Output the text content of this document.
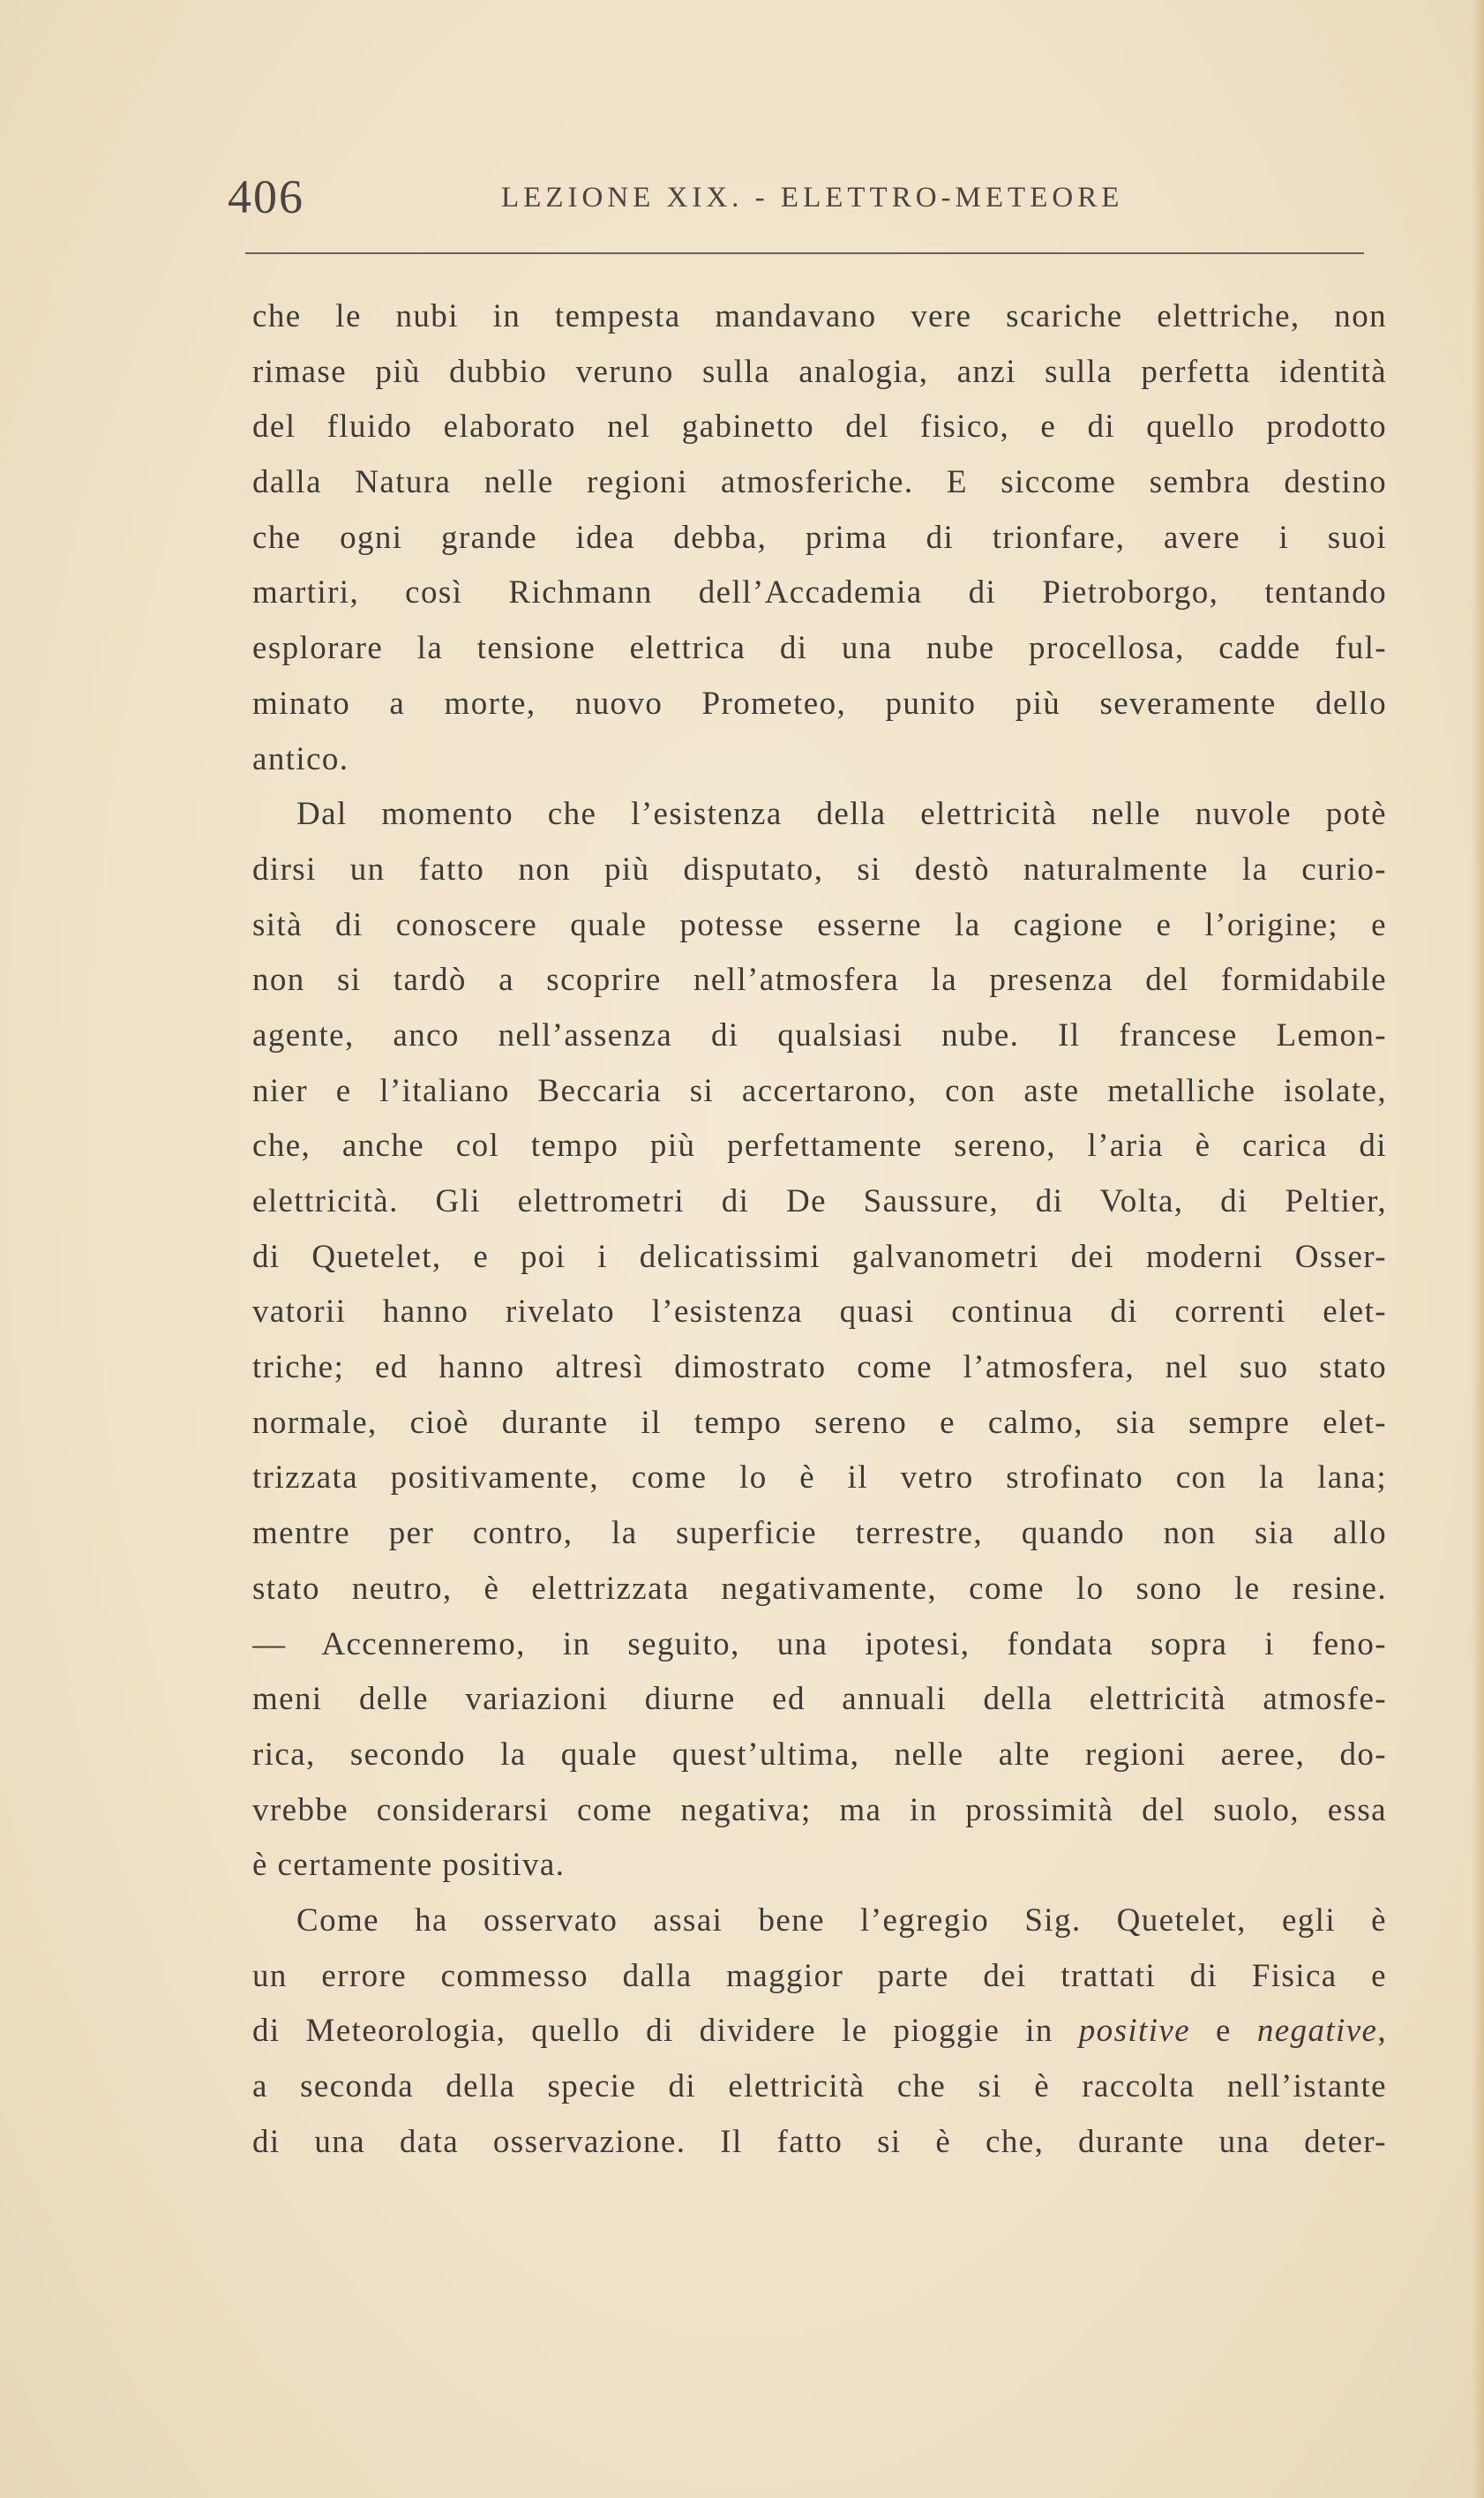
406	LEZIONE XIX. - ELETTRO-METEORE
che le nubi in tempesta mandavano vere scariche elettriche, non
rimase più dubbio veruno sulla analogia, anzi sulla perfetta identità
del fluido elaborato nel gabinetto del fisico, e di quello prodotto
dalla Natura nelle regioni atmosferiche. E siccome sembra destino
che ogni grande idea debba, prima di trionfare, avere i suoi
martiri, così Richmann dell’Accademia di Pietroborgo, tentando
esplorare la tensione elettrica di una nube procellosa, cadde ful-
minato a morte, nuovo Prometeo, punito più severamente dello
antico.
Dal momento che l’esistenza della elettricità nelle nuvole potè
dirsi un fatto non più disputato, si destò naturalmente la curio-
sità di conoscere quale potesse esserne la cagione e l’origine; e
non si tardò a scoprire nell’atmosfera la presenza del formidabile
agente, anco nell’assenza di qualsiasi nube. Il francese Lemon-
nier e l’italiano Beccaria si accertarono, con aste metalliche isolate,
che, anche col tempo più perfettamente sereno, l’aria è carica di
elettricità. Gli elettrometri di De Saussure, di Volta, di Peltier,
di Quetelet, e poi i delicatissimi galvanometri dei moderni Osser-
vatorii hanno rivelato l’esistenza quasi continua di correnti elet-
triche; ed hanno altresì dimostrato come l’atmosfera, nel suo stato
normale, cioè durante il tempo sereno e calmo, sia sempre elet-
trizzata positivamente, come lo è il vetro strofinato con la lana;
mentre per contro, la superficie terrestre, quando non sia allo
stato neutro, è elettrizzata negativamente, come lo sono le resine.
— Accenneremo, in seguito, una ipotesi, fondata sopra i feno-
meni delle variazioni diurne ed annuali della elettricità atmosfe-
rica, secondo la quale quest’ultima, nelle alte regioni aeree, do-
vrebbe considerarsi come negativa; ma in prossimità del suolo, essa
è certamente positiva.
Come ha osservato assai bene l’egregio Sig. Quetelet, egli è
un errore commesso dalla maggior parte dei trattati di Fisica e
di Meteorologia, quello di dividere le pioggie in positive e negative,
a seconda della specie di elettricità che si è raccolta nell’istante
di una data osservazione. Il fatto si è che, durante una deter-
